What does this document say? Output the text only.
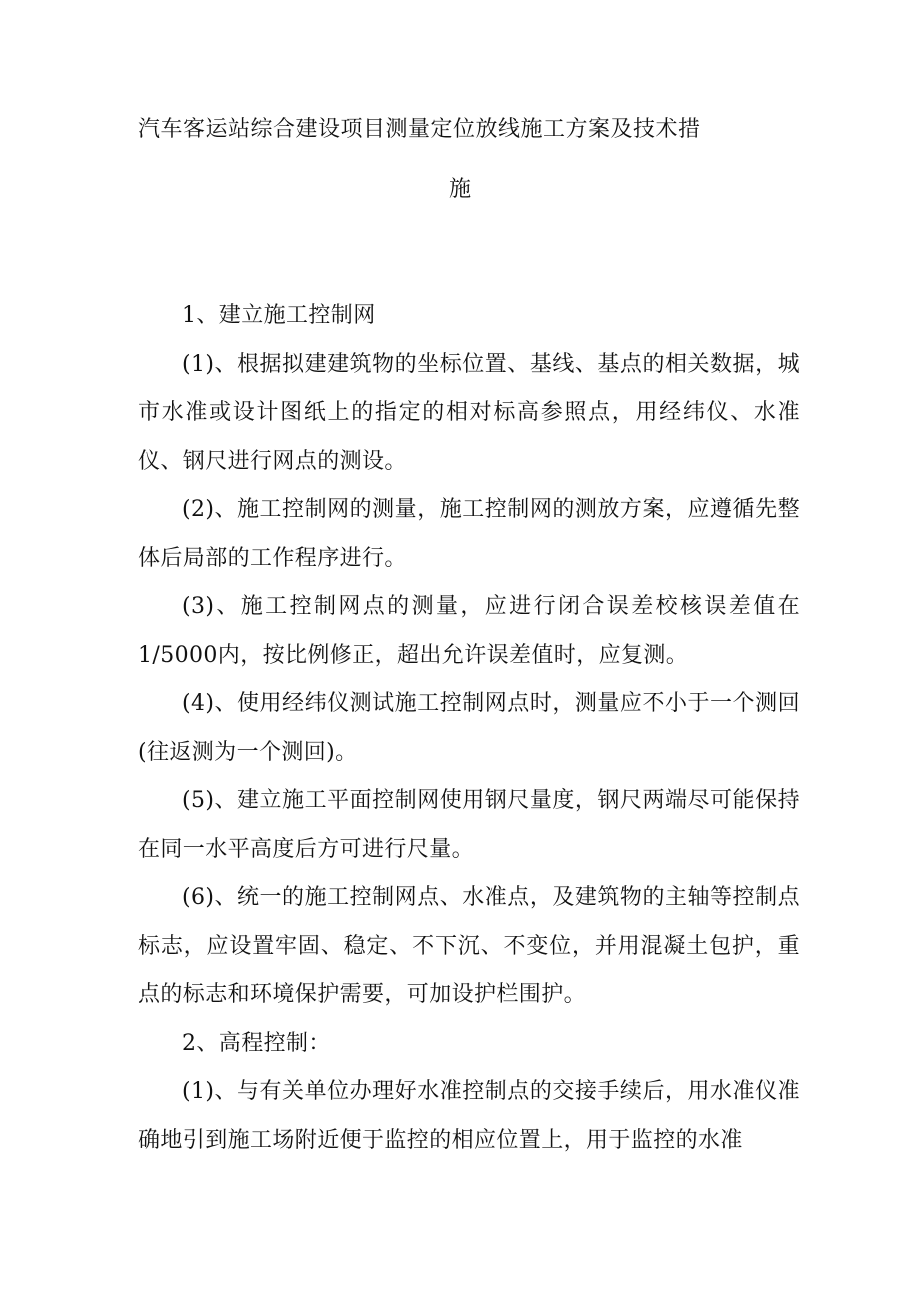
汽车客运站综合建设项目测量定位放线施工方案及技术措
施

1、建立施工控制网

(1)、根据拟建建筑物的坐标位置、基线、基点的相关数据，城市水准或设计图纸上的指定的相对标高参照点，用经纬仪、水准仪、钢尺进行网点的测设。

(2)、施工控制网的测量，施工控制网的测放方案，应遵循先整体后局部的工作程序进行。

(3)、施工控制网点的测量，应进行闭合误差校核误差值在1/5000内，按比例修正，超出允许误差值时，应复测。

(4)、使用经纬仪测试施工控制网点时，测量应不小于一个测回(往返测为一个测回)。

(5)、建立施工平面控制网使用钢尺量度，钢尺两端尽可能保持在同一水平高度后方可进行尺量。

(6)、统一的施工控制网点、水准点，及建筑物的主轴等控制点标志，应设置牢固、稳定、不下沉、不变位，并用混凝土包护，重点的标志和环境保护需要，可加设护栏围护。

2、高程控制：

(1)、与有关单位办理好水准控制点的交接手续后，用水准仪准确地引到施工场附近便于监控的相应位置上，用于监控的水准
